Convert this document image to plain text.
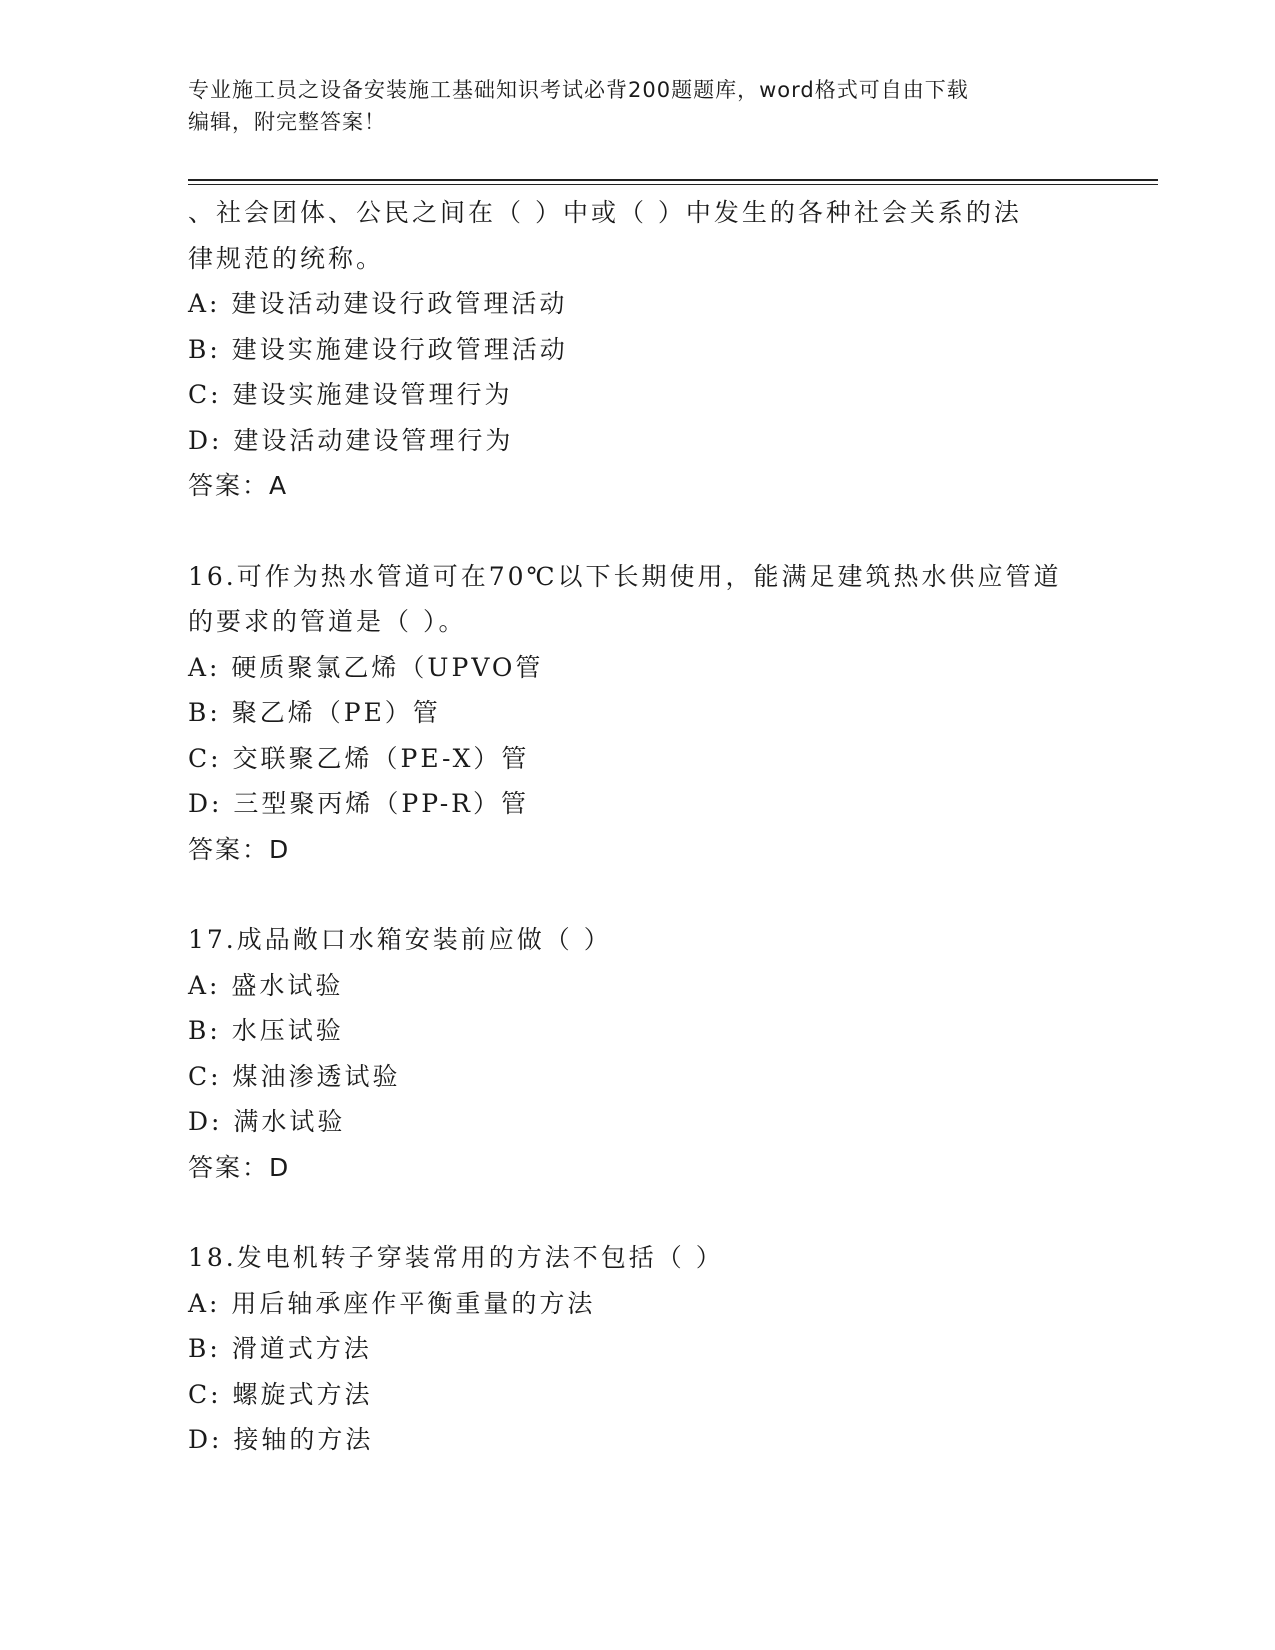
专业施工员之设备安装施工基础知识考试必背200题题库，word格式可自由下载
编辑，附完整答案！
、社会团体、公民之间在（ ）中或（ ）中发生的各种社会关系的法
律规范的统称。
A: 建设活动建设行政管理活动
B: 建设实施建设行政管理活动
C: 建设实施建设管理行为
D: 建设活动建设管理行为
答案：A
16.可作为热水管道可在70℃以下长期使用，能满足建筑热水供应管道
的要求的管道是（ ）。
A: 硬质聚氯乙烯（UPVO管
B: 聚乙烯（PE）管
C: 交联聚乙烯（PE-X）管
D: 三型聚丙烯（PP-R）管
答案：D
17.成品敞口水箱安装前应做（ ）
A: 盛水试验
B: 水压试验
C: 煤油渗透试验
D: 满水试验
答案：D
18.发电机转子穿装常用的方法不包括（ ）
A: 用后轴承座作平衡重量的方法
B: 滑道式方法
C: 螺旋式方法
D: 接轴的方法
